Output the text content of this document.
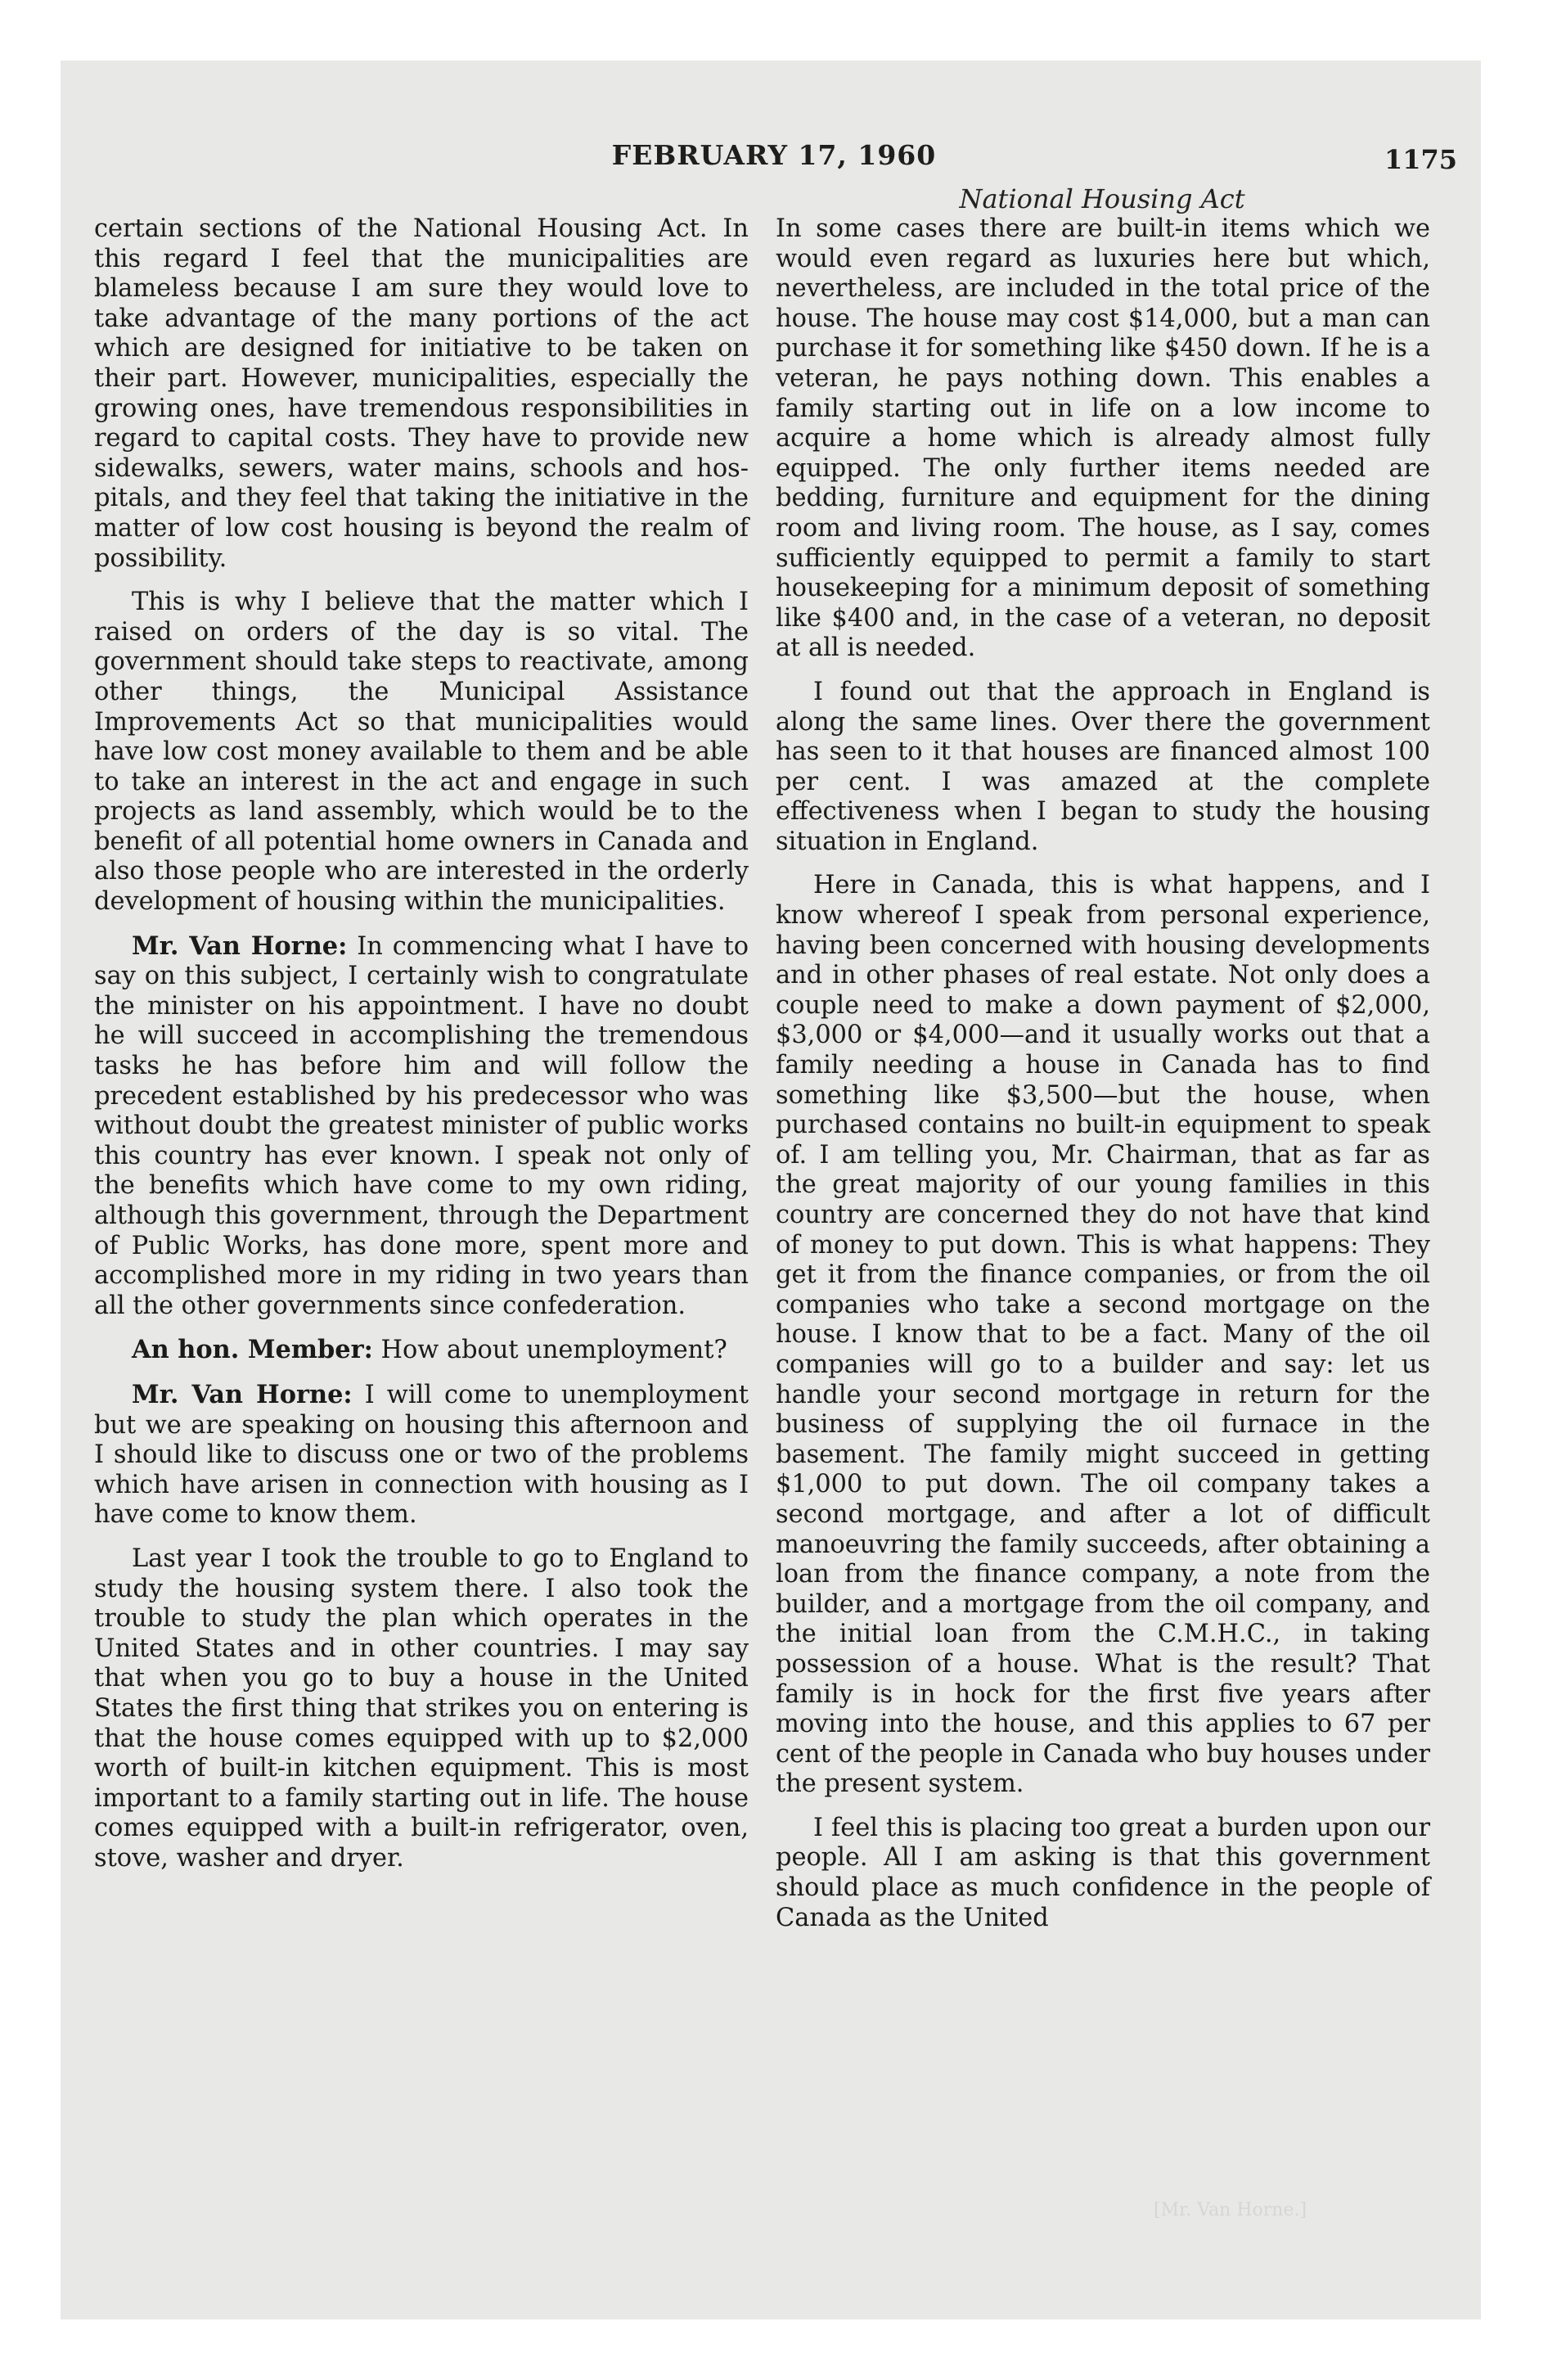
FEBRUARY 17, 1960	1175
National Housing Act

certain sections of the National Housing Act. In this regard I feel that the municipalities are blameless because I am sure they would love to take advantage of the many portions of the act which are designed for initiative to be taken on their part. However, municipalities, especially the growing ones, have tremendous responsibilities in regard to capital costs. They have to provide new sidewalks, sewers, water mains, schools and hospitals, and they feel that taking the initiative in the matter of low cost housing is beyond the realm of possibility.

This is why I believe that the matter which I raised on orders of the day is so vital. The government should take steps to reactivate, among other things, the Municipal Assistance Improvements Act so that municipalities would have low cost money available to them and be able to take an interest in the act and engage in such projects as land assembly, which would be to the benefit of all potential home owners in Canada and also those people who are interested in the orderly development of housing within the municipalities.

Mr. Van Horne: In commencing what I have to say on this subject, I certainly wish to congratulate the minister on his appointment. I have no doubt he will succeed in accomplishing the tremendous tasks he has before him and will follow the precedent established by his predecessor who was without doubt the greatest minister of public works this country has ever known. I speak not only of the benefits which have come to my own riding, although this government, through the Department of Public Works, has done more, spent more and accomplished more in my riding in two years than all the other governments since confederation.

An hon. Member: How about unemployment?

Mr. Van Horne: I will come to unemployment but we are speaking on housing this afternoon and I should like to discuss one or two of the problems which have arisen in connection with housing as I have come to know them.

Last year I took the trouble to go to England to study the housing system there. I also took the trouble to study the plan which operates in the United States and in other countries. I may say that when you go to buy a house in the United States the first thing that strikes you on entering is that the house comes equipped with up to $2,000 worth of built-in kitchen equipment. This is most important to a family starting out in life. The house comes equipped with a built-in refrigerator, oven, stove, washer and dryer.

In some cases there are built-in items which we would even regard as luxuries here but which, nevertheless, are included in the total price of the house. The house may cost $14,000, but a man can purchase it for something like $450 down. If he is a veteran, he pays nothing down. This enables a family starting out in life on a low income to acquire a home which is already almost fully equipped. The only further items needed are bedding, furniture and equipment for the dining room and living room. The house, as I say, comes sufficiently equipped to permit a family to start housekeeping for a minimum deposit of something like $400 and, in the case of a veteran, no deposit at all is needed.

I found out that the approach in England is along the same lines. Over there the government has seen to it that houses are financed almost 100 per cent. I was amazed at the complete effectiveness when I began to study the housing situation in England.

Here in Canada, this is what happens, and I know whereof I speak from personal experience, having been concerned with housing developments and in other phases of real estate. Not only does a couple need to make a down payment of $2,000, $3,000 or $4,000—and it usually works out that a family needing a house in Canada has to find something like $3,500—but the house, when purchased contains no built-in equipment to speak of. I am telling you, Mr. Chairman, that as far as the great majority of our young families in this country are concerned they do not have that kind of money to put down. This is what happens: They get it from the finance companies, or from the oil companies who take a second mortgage on the house. I know that to be a fact. Many of the oil companies will go to a builder and say: let us handle your second mortgage in return for the business of supplying the oil furnace in the basement. The family might succeed in getting $1,000 to put down. The oil company takes a second mortgage, and after a lot of difficult manoeuvring the family succeeds, after obtaining a loan from the finance company, a note from the builder, and a mortgage from the oil company, and the initial loan from the C.M.H.C., in taking possession of a house. What is the result? That family is in hock for the first five years after moving into the house, and this applies to 67 per cent of the people in Canada who buy houses under the present system.

I feel this is placing too great a burden upon our people. All I am asking is that this government should place as much confidence in the people of Canada as the United

[Mr. Van Horne.]
